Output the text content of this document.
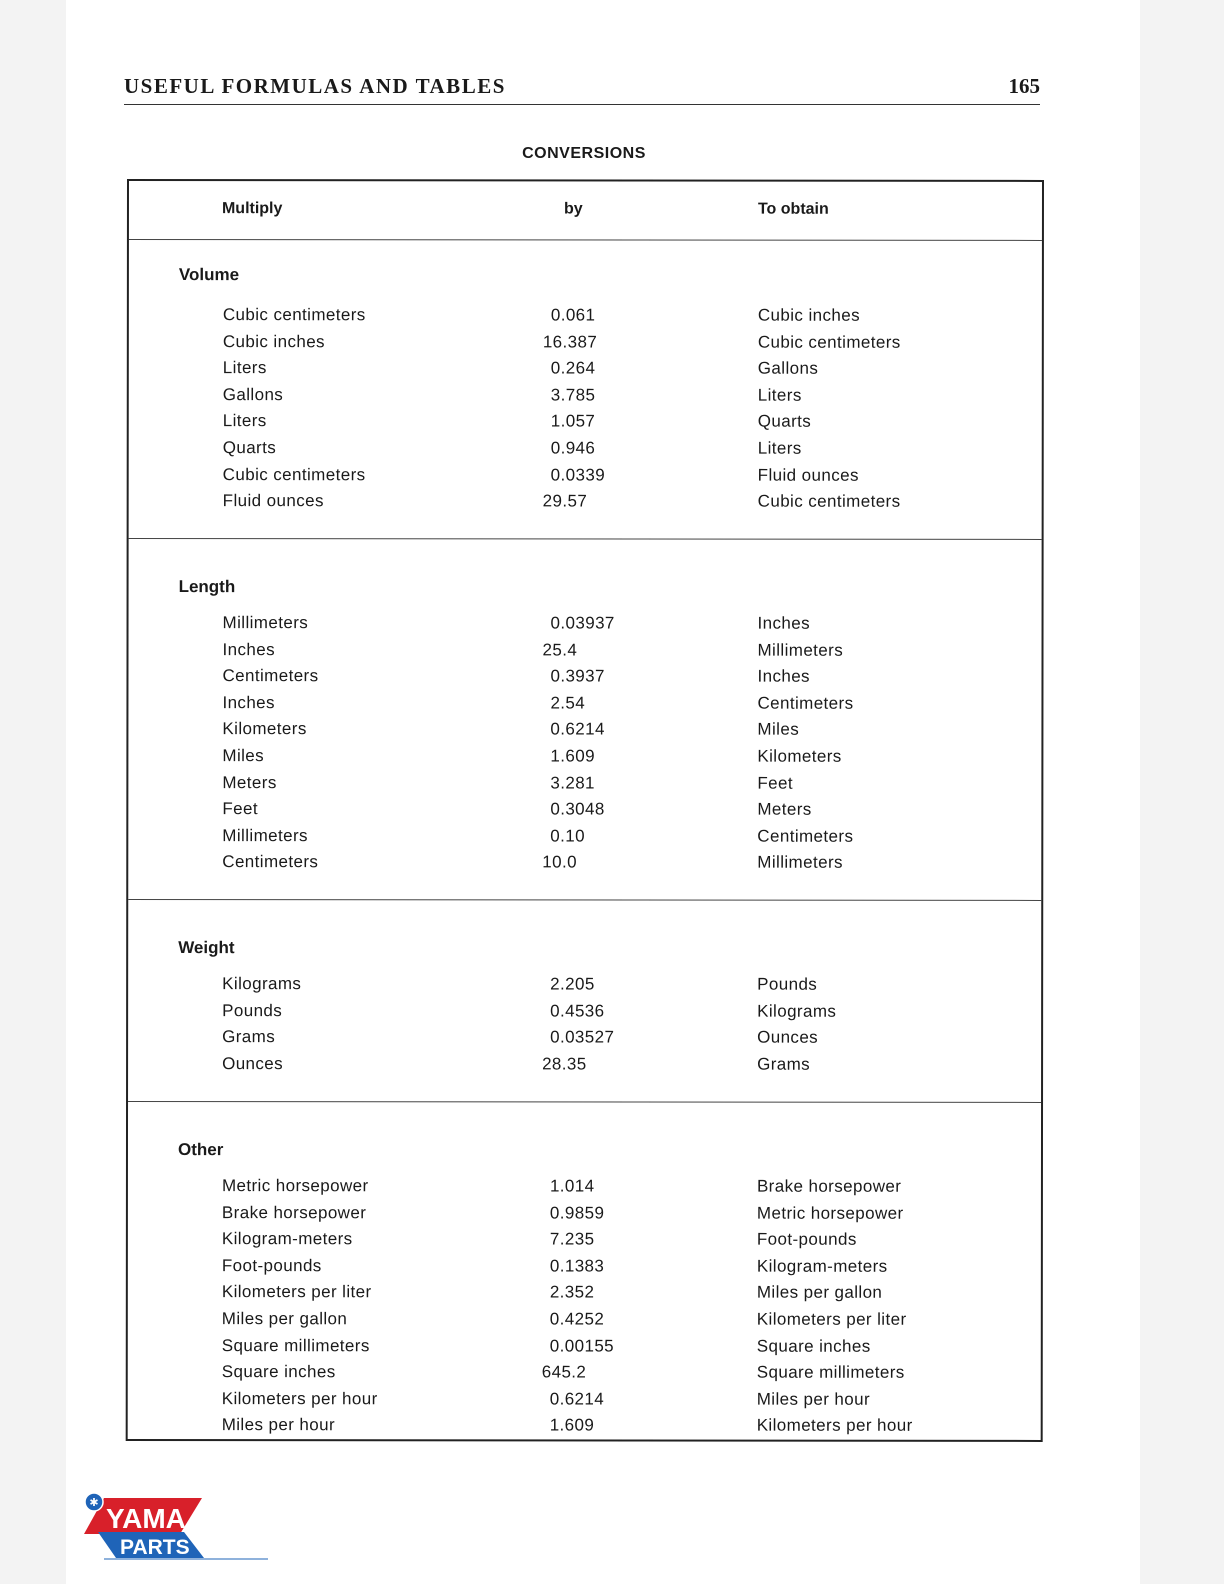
USEFUL FORMULAS AND TABLES	165
CONVERSIONS
Multiply	by	To obtain
Volume
Cubic centimeters	0.061	Cubic inches
Cubic inches	16.387	Cubic centimeters
Liters	0.264	Gallons
Gallons	3.785	Liters
Liters	1.057	Quarts
Quarts	0.946	Liters
Cubic centimeters	0.0339	Fluid ounces
Fluid ounces	29.57	Cubic centimeters
Length
Millimeters	0.03937	Inches
Inches	25.4	Millimeters
Centimeters	0.3937	Inches
Inches	2.54	Centimeters
Kilometers	0.6214	Miles
Miles	1.609	Kilometers
Meters	3.281	Feet
Feet	0.3048	Meters
Millimeters	0.10	Centimeters
Centimeters	10.0	Millimeters
Weight
Kilograms	2.205	Pounds
Pounds	0.4536	Kilograms
Grams	0.03527	Ounces
Ounces	28.35	Grams
Other
Metric horsepower	1.014	Brake horsepower
Brake horsepower	0.9859	Metric horsepower
Kilogram-meters	7.235	Foot-pounds
Foot-pounds	0.1383	Kilogram-meters
Kilometers per liter	2.352	Miles per gallon
Miles per gallon	0.4252	Kilometers per liter
Square millimeters	0.00155	Square inches
Square inches	645.2	Square millimeters
Kilometers per hour	0.6214	Miles per hour
Miles per hour	1.609	Kilometers per hour
✱
YAMA
PARTS
